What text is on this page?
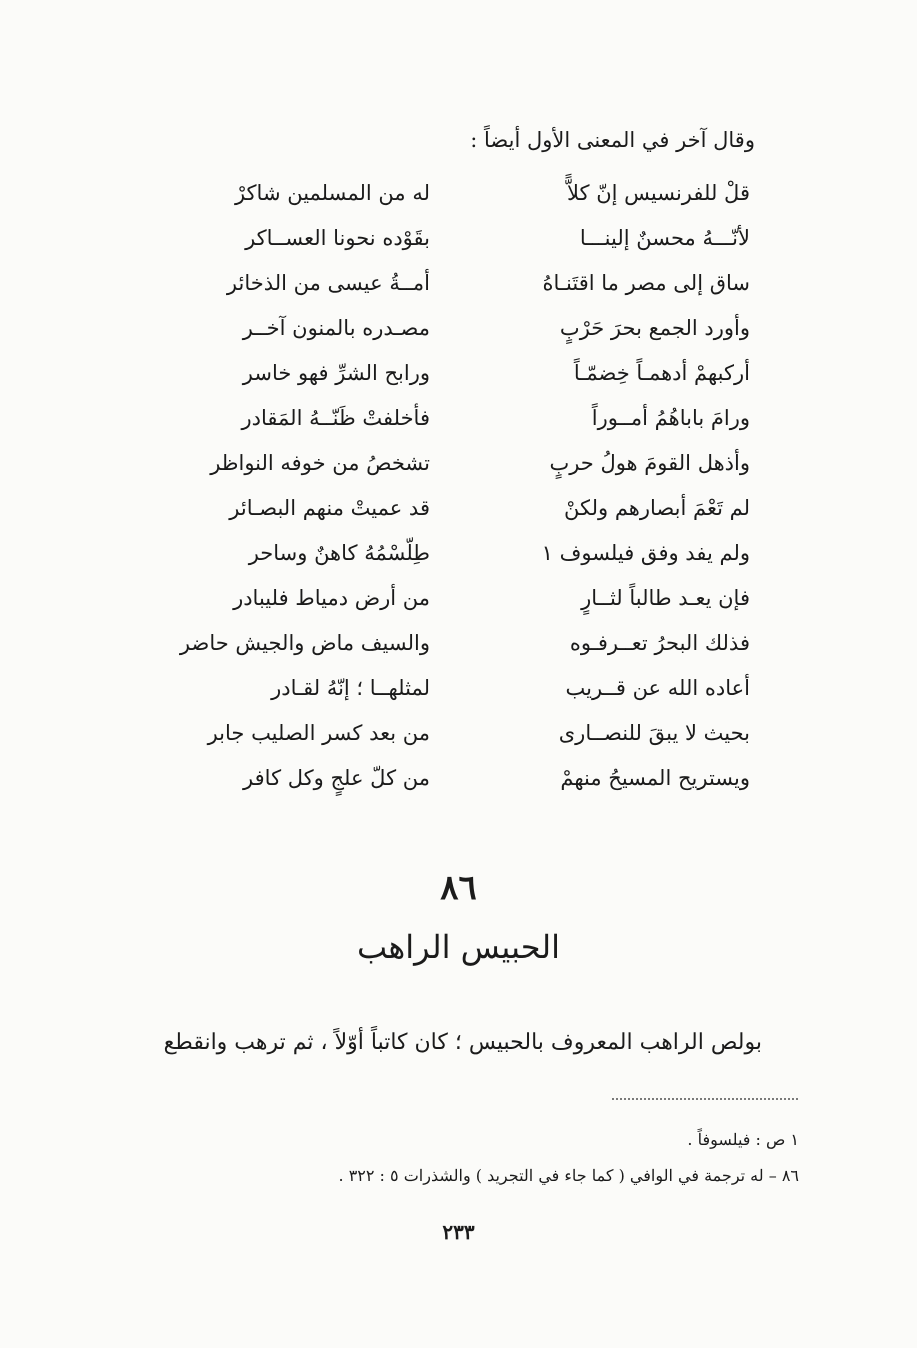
وقال آخر في المعنى الأول أيضاً :
قلْ للفرنسيس إنّ كلاًّ
له من المسلمين شاكرْ
لأنّـــهُ محسنٌ إلينـــا
بقَوْده نحونا العســاكر
ساق إلى مصر ما اقتَنـاهُ
أمــةُ عيسى من الذخائر
وأورد الجمع بحرَ حَرْبٍ
مصـدره بالمنون آخــر
أركبهمْ أدهمـاً خِضمّـاً
ورابح الشرِّ فهو خاسر
ورامَ باباهُمُ أمــوراً
فأخلفتْ ظَنّــهُ المَقادر
وأذهل القومَ هولُ حربٍ
تشخصُ من خوفه النواظر
لم تَعْمَ أبصارهم ولكنْ
قد عميتْ منهم البصـائر
ولم يفد وفق فيلسوف ١
طِلّسْمُهُ كاهنٌ وساحر
فإن يعـد طالباً لثــارٍ
من أرض دمياط فليبادر
فذلك البحرُ تعــرفـوه
والسيف ماض والجيش حاضر
أعاده الله عن قــريب
لمثلهــا ؛ إنّهُ لقـادر
بحيث لا يبقَ للنصــارى
من بعد كسر الصليب جابر
ويستريح المسيحُ منهمْ
من كلّ علجٍ وكل كافر
٨٦
الحبيس الراهب
بولص الراهب المعروف بالحبيس ؛ كان كاتباً أوّلاً ، ثم ترهب وانقطع
١ ص : فيلسوفاً .
٨٦ – له ترجمة في الوافي ( كما جاء في التجريد ) والشذرات ٥ : ٣٢٢ .
٢٣٣
